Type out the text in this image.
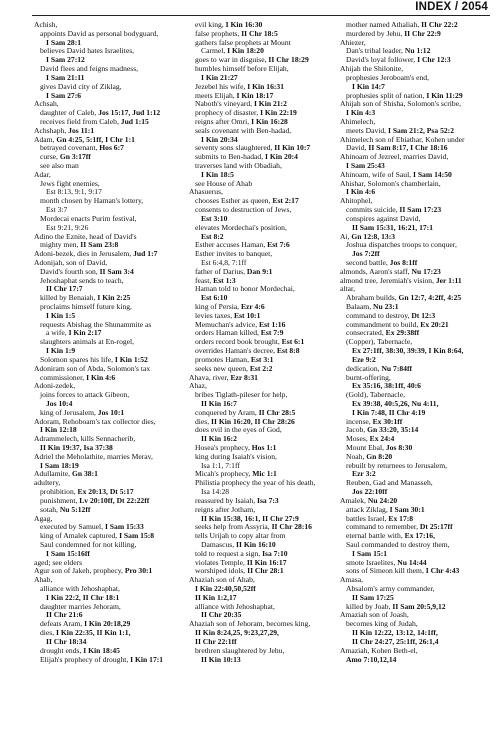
INDEX / 2054
Achish,
appoints David as personal bodyguard,
I Sam 28:1
believes David hates Israelites,
I Sam 27:12
David flees and feigns madness,
I Sam 21:11
gives David city of Ziklag,
I Sam 27:6
Achsah,
daughter of Caleb, Jos 15:17, Jud 1:12
receives field from Caleb, Jud 1:15
Achshaph, Jos 11:1
Adam, Gn 4:25, 5:1ff, I Chr 1:1
betrayed covenant, Hos 6:7
curse, Gn 3:17ff
see also man
Adar,
Jews fight enemies,
Est 8:13, 9:1, 9:17
month chosen by Haman's lottery,
Est 3:7
Mordecai enacts Purim festival,
Est 9:21, 9:26
Adino the Eznite, head of David's
mighty men, II Sam 23:8
Adoni-bezek, dies in Jerusalem, Jud 1:7
Adonijah, son of David,
David's fourth son, II Sam 3:4
Jehoshaphat sends to teach,
II Chr 17:7
killed by Benaiah, I Kin 2:25
proclaims himself future king,
I Kin 1:5
requests Abishag the Shunammite as
a wife, I Kin 2:17
slaughters animals at En-rogel,
I Kin 1:9
Solomon spares his life, I Kin 1:52
Adoniram son of Abda, Solomon's tax
commissioner, I Kin 4:6
Adoni-zedek,
joins forces to attack Gibeon,
Jos 10:4
king of Jerusalem, Jos 10:1
Adoram, Rehoboam's tax collector dies,
I Kin 12:18
Adrammelech, kills Sennacherib,
II Kin 19:37, Isa 37:38
Adriel the Meholathite, marries Merav,
I Sam 18:19
Adullamite, Gn 38:1
adultery,
prohibition, Ex 20:13, Dt 5:17
punishment, Lv 20:10ff, Dt 22:22ff
sotah, Nu 5:12ff
Agag,
executed by Samuel, I Sam 15:33
king of Amalek captured, I Sam 15:8
Saul condemned for not killing,
I Sam 15:16ff
aged; see elders
Agur son of Jakeh, prophecy, Pro 30:1
Ahab,
alliance with Jehoshaphat,
I Kin 22:2, II Chr 18:1
daughter marries Jehoram,
II Chr 21:6
defeats Aram, I Kin 20:18,29
dies, I Kin 22:35, II Kin 1:1,
II Chr 18:34
drought ends, I Kin 18:45
Elijah's prophecy of drought, I Kin 17:1
evil king, I Kin 16:30
false prophets, II Chr 18:5
gathers false prophets at Mount
Carmel, I Kin 18:20
goes to war in disguise, II Chr 18:29
humbles himself before Elijah,
I Kin 21:27
Jezebel his wife, I Kin 16:31
meets Elijah, I Kin 18:17
Naboth's vineyard, I Kin 21:2
prophecy of disaster, I Kin 22:19
reigns after Omri, I Kin 16:28
seals covenant with Ben-hadad,
I Kin 20:34
seventy sons slaughtered, II Kin 10:7
submits to Ben-hadad, I Kin 20:4
traverses land with Obadiah,
I Kin 18:5
see House of Ahab
Ahasuerus,
chooses Esther as queen, Est 2:17
consents to destruction of Jews,
Est 3:10
elevates Mordechai's position,
Est 8:2
Esther accuses Haman, Est 7:6
Esther invites to banquet,
Est 6:4,8, 7:1ff
father of Darius, Dan 9:1
feast, Est 1:3
Haman told to honor Mordechai,
Est 6:10
king of Persia, Ezr 4:6
levies taxes, Est 10:1
Memuchan's advice, Est 1:16
orders Haman killed, Est 7:9
orders record book brought, Est 6:1
overrides Haman's decree, Est 8:8
promotes Haman, Est 3:1
seeks new queen, Est 2:2
Ahava, river, Ezr 8:31
Ahaz,
bribes Tiglath-pileser for help,
II Kin 16:7
conquered by Aram, II Chr 28:5
dies, II Kin 16:20, II Chr 28:26
does evil in the eyes of God,
II Kin 16:2
Hosea's prophecy, Hos 1:1
king during Isaiah's vision,
Isa 1:1, 7:1ff
Micah's prophecy, Mic 1:1
Philistia prophecy the year of his death,
Isa 14:28
reassured by Isaiah, Isa 7:3
reigns after Jotham,
II Kin 15:38, 16:1, II Chr 27:9
seeks help from Assyria, II Chr 28:16
tells Urijah to copy altar from
Damascus, II Kin 16:10
told to request a sign, Isa 7:10
violates Temple, II Kin 16:17
worshiped idols, II Chr 28:1
Ahaziah son of Ahab,
I Kin 22:40,50,52ff
II Kin 1:2,17
alliance with Jehoshaphat,
II Chr 20:35
Ahaziah son of Jehoram, becomes king,
II Kin 8:24,25, 9:23,27,29,
II Chr 22:1ff
brethren slaughtered by Jehu,
II Kin 10:13
mother named Athaliah, II Chr 22:2
murdered by Jehu, II Chr 22:9
Ahiezer,
Dan's tribal leader, Nu 1:12
David's loyal follower, I Chr 12:3
Ahijah the Shilonite,
prophesies Jeroboam's end,
I Kin 14:7
prophesies split of nation, I Kin 11:29
Ahijah son of Shisha, Solomon's scribe,
I Kin 4:3
Ahimelech,
meets David, I Sam 21:2, Psa 52:2
Ahimelech son of Ebiathar, Kohen under
David, II Sam 8:17, I Chr 18:16
Ahinoam of Jezreel, marries David,
I Sam 25:43
Ahinoam, wife of Saul, I Sam 14:50
Ahishar, Solomon's chamberlain,
I Kin 4:6
Ahitophel,
commits suicide, II Sam 17:23
conspires against David,
II Sam 15:31, 16:21, 17:1
Ai, Gn 12:8, 13:3
Joshua dispatches troops to conquer,
Jos 7:2ff
second battle, Jos 8:1ff
almonds, Aaron's staff, Nu 17:23
almond tree, Jeremiah's vision, Jer 1:11
altar,
Abraham builds, Gn 12:7, 4:2ff, 4:25
Balaam, Nu 23:1
command to destroy, Dt 12:3
commandment to build, Ex 20:21
consecrated, Ex 29:38ff
(Copper), Tabernacle,
Ex 27:1ff, 38:30, 39:39, I Kin 8:64,
Eze 9:2
dedication, Nu 7:84ff
burnt-offering,
Ex 35:16, 38:1ff, 40:6
(Gold), Tabernacle,
Ex 39:38, 40:5,26, Nu 4:11,
I Kin 7:48, II Chr 4:19
incense, Ex 30:1ff
Jacob, Gn 33:20, 35:14
Moses, Ex 24:4
Mount Ebal, Jos 8:30
Noah, Gn 8:20
rebuilt by returnees to Jerusalem,
Ezr 3:2
Reuben, Gad and Manasseh,
Jos 22:10ff
Amalek, Nu 24:20
attack Ziklag, I Sam 30:1
battles Israel, Ex 17:8
command to remember, Dt 25:17ff
eternal battle with, Ex 17:16,
Saul commanded to destroy them,
I Sam 15:1
smote Israelites, Nu 14:44
sons of Simeon kill them, I Chr 4:43
Amasa,
Absalom's army commander,
II Sam 17:25
killed by Joab, II Sam 20:5,9,12
Amaziah son of Joash,
becomes king of Judah,
II Kin 12:22, 13:12, 14:1ff,
II Chr 24:27, 25:1ff, 26:1,4
Amaziah, Kohen Beth-el,
Amo 7:10,12,14
